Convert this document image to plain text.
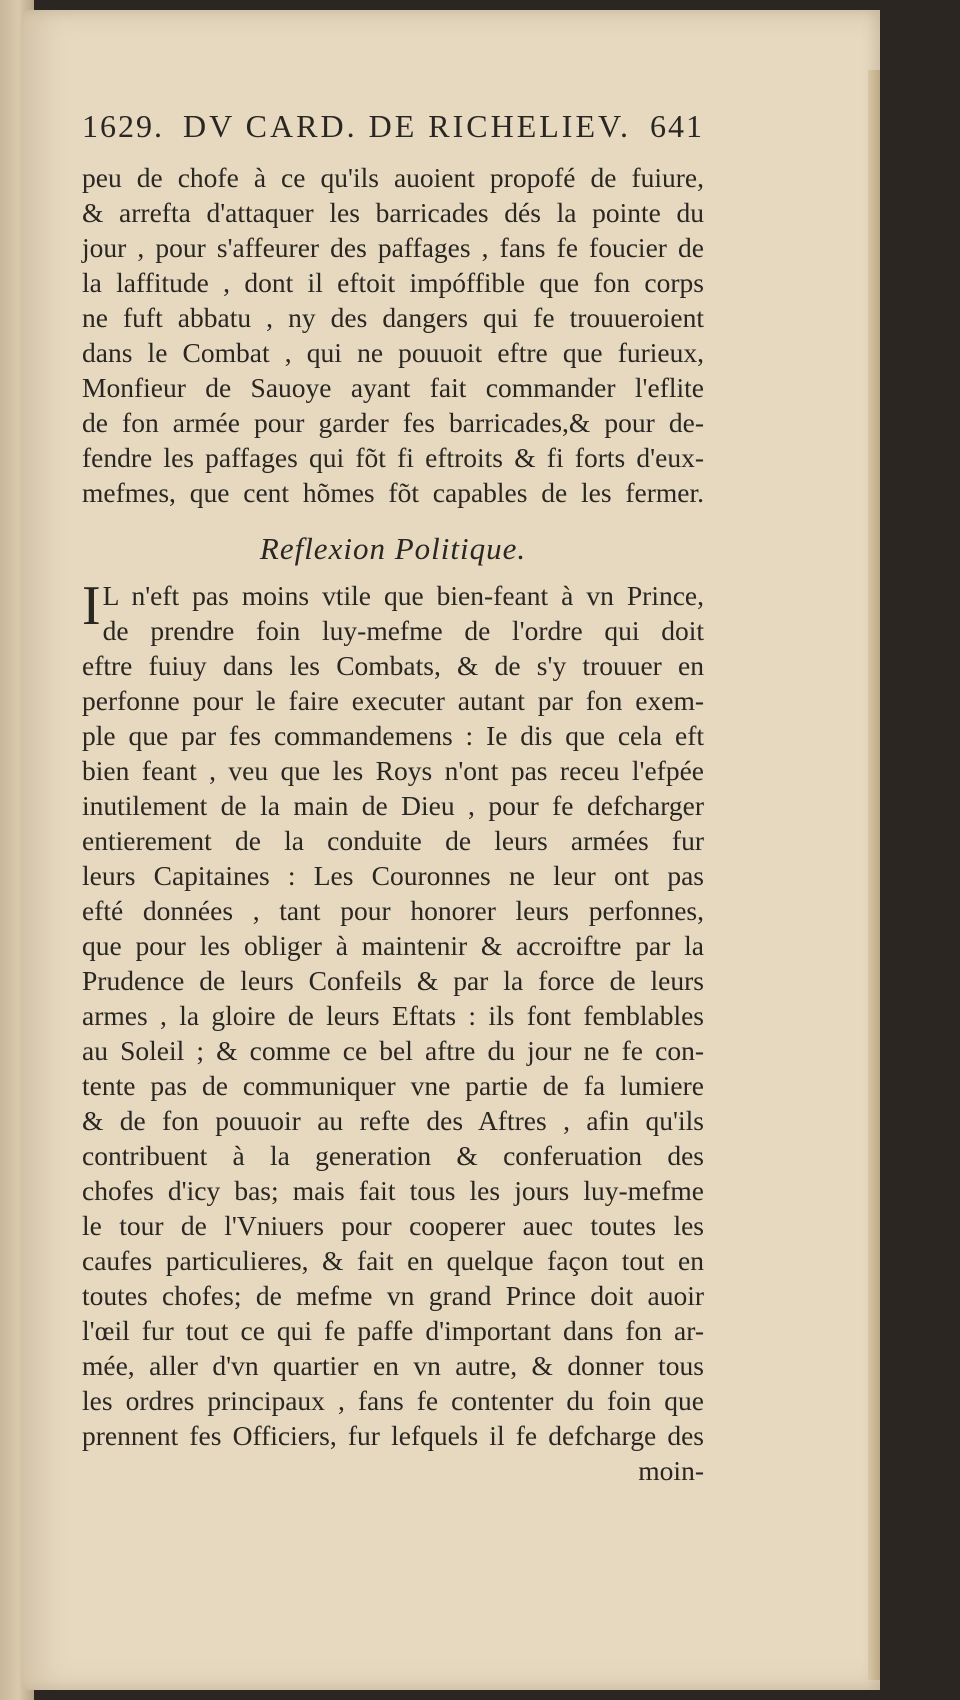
1629. DV CARD. DE RICHELIEV. 641
peu de chofe à ce qu'ils auoient propofé de fuiure,
& arrefta d'attaquer les barricades dés la pointe du
jour , pour s'affeurer des paffages , fans fe foucier de
la laffitude , dont il eftoit impóffible que fon corps
ne fuft abbatu , ny des dangers qui fe trouueroient
dans le Combat , qui ne pouuoit eftre que furieux,
Monfieur de Sauoye ayant fait commander l'eflite
de fon armée pour garder fes barricades,& pour de-
fendre les paffages qui fõt fi eftroits & fi forts d'eux-
mefmes, que cent hõmes fõt capables de les fermer.
Reflexion Politique.
I L n'eft pas moins vtile que bien-feant à vn Prince,
de prendre foin luy-mefme de l'ordre qui doit
eftre fuiuy dans les Combats, & de s'y trouuer en
perfonne pour le faire executer autant par fon exem-
ple que par fes commandemens : Ie dis que cela eft
bien feant , veu que les Roys n'ont pas receu l'efpée
inutilement de la main de Dieu , pour fe defcharger
entierement de la conduite de leurs armées fur
leurs Capitaines : Les Couronnes ne leur ont pas
efté données , tant pour honorer leurs perfonnes,
que pour les obliger à maintenir & accroiftre par la
Prudence de leurs Confeils & par la force de leurs
armes , la gloire de leurs Eftats : ils font femblables
au Soleil ; & comme ce bel aftre du jour ne fe con-
tente pas de communiquer vne partie de fa lumiere
& de fon pouuoir au refte des Aftres , afin qu'ils
contribuent à la generation & conferuation des
chofes d'icy bas; mais fait tous les jours luy-mefme
le tour de l'Vniuers pour cooperer auec toutes les
caufes particulieres, & fait en quelque façon tout en
toutes chofes; de mefme vn grand Prince doit auoir
l'œil fur tout ce qui fe paffe d'important dans fon ar-
mée, aller d'vn quartier en vn autre, & donner tous
les ordres principaux , fans fe contenter du foin que
prennent fes Officiers, fur lefquels il fe defcharge des
moin-
